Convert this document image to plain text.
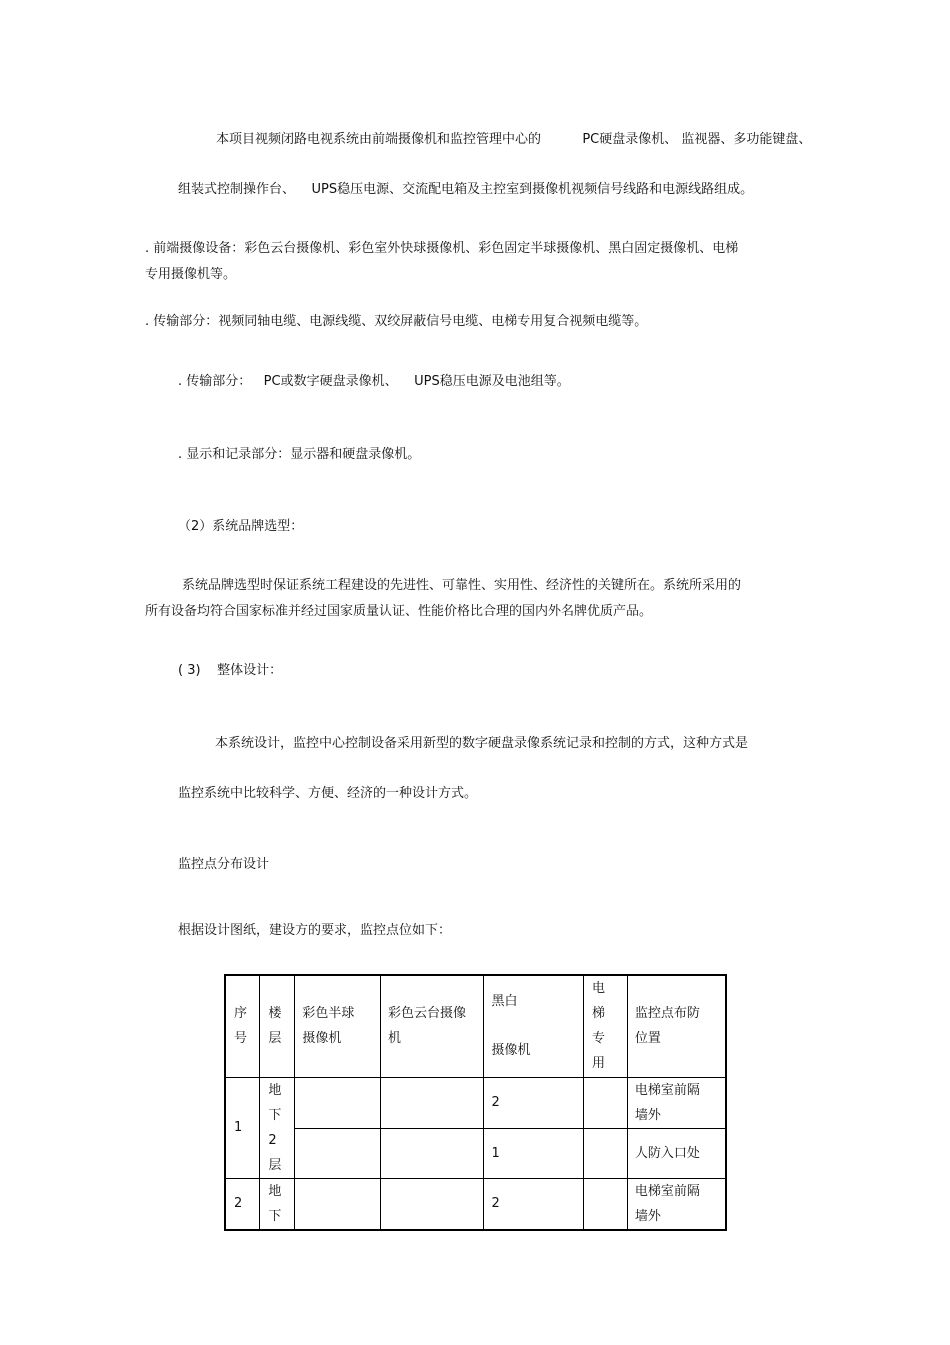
本项目视频闭路电视系统由前端摄像机和监控管理中心的          PC硬盘录像机、 监视器、多功能键盘、
组装式控制操作台、    UPS稳压电源、交流配电箱及主控室到摄像机视频信号线路和电源线路组成。
. 前端摄像设备：彩色云台摄像机、彩色室外快球摄像机、彩色固定半球摄像机、黑白固定摄像机、电梯
专用摄像机等。
. 传输部分：视频同轴电缆、电源线缆、双绞屏蔽信号电缆、电梯专用复合视频电缆等。
. 传输部分：   PC或数字硬盘录像机、    UPS稳压电源及电池组等。
. 显示和记录部分：显示器和硬盘录像机。
（2）系统品牌选型：
系统品牌选型时保证系统工程建设的先进性、可靠性、实用性、经济性的关键所在。系统所采用的
所有设备均符合国家标准并经过国家质量认证、性能价格比合理的国内外名牌优质产品。
( 3)    整体设计：
本系统设计，监控中心控制设备采用新型的数字硬盘录像系统记录和控制的方式，这种方式是
监控系统中比较科学、方便、经济的一种设计方式。
监控点分布设计
根据设计图纸，建设方的要求，监控点位如下：
序
号	楼
层	彩色半球
摄像机	彩色云台摄像
机	黑白
摄像机	电
梯
专
用	监控点布防
位置

1	地
下
2
层			2		电梯室前隔
墙外

				1		人防入口处
2	地
下			2		电梯室前隔
墙外
